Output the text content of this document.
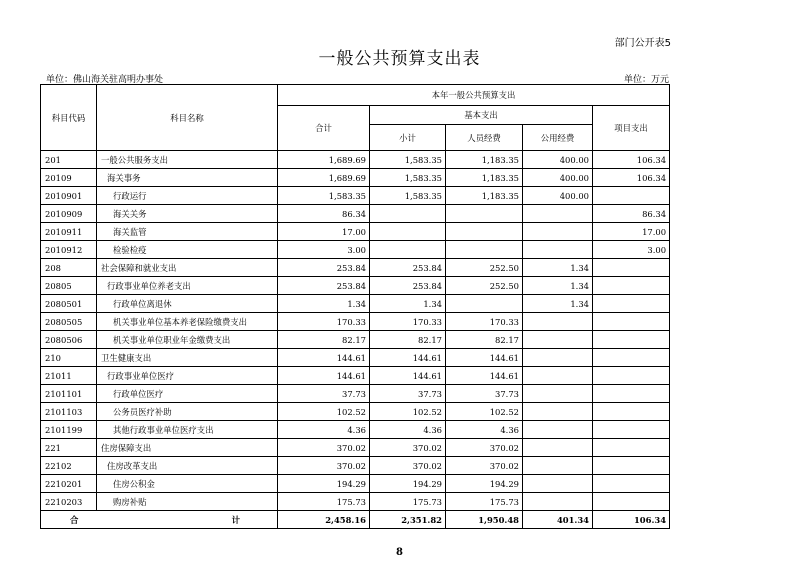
部门公开表5
一般公共预算支出表
单位：佛山海关驻高明办事处	单位：万元
科目代码	科目名称	本年一般公共预算支出				
		合计	基本支出			项目支出
			小计	人员经费	公用经费	
201	一般公共服务支出	1,689.69	1,583.35	1,183.35	400.00	106.34
20109	海关事务	1,689.69	1,583.35	1,183.35	400.00	106.34
2010901	行政运行	1,583.35	1,583.35	1,183.35	400.00	
2010909	海关关务	86.34				86.34
2010911	海关监管	17.00				17.00
2010912	检验检疫	3.00				3.00
208	社会保障和就业支出	253.84	253.84	252.50	1.34	
20805	行政事业单位养老支出	253.84	253.84	252.50	1.34	
2080501	行政单位离退休	1.34	1.34		1.34	
2080505	机关事业单位基本养老保险缴费支出	170.33	170.33	170.33		
2080506	机关事业单位职业年金缴费支出	82.17	82.17	82.17		
210	卫生健康支出	144.61	144.61	144.61		
21011	行政事业单位医疗	144.61	144.61	144.61		
2101101	行政单位医疗	37.73	37.73	37.73		
2101103	公务员医疗补助	102.52	102.52	102.52		
2101199	其他行政事业单位医疗支出	4.36	4.36	4.36		
221	住房保障支出	370.02	370.02	370.02		
22102	住房改革支出	370.02	370.02	370.02		
2210201	住房公积金	194.29	194.29	194.29		
2210203	购房补贴	175.73	175.73	175.73		

合 计		2,458.16	2,351.82	1,950.48	401.34	106.34
8
